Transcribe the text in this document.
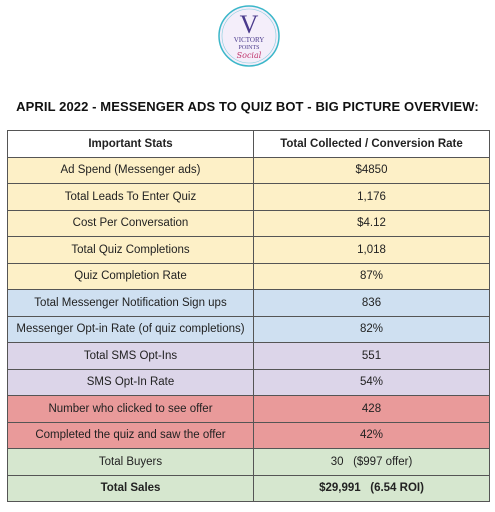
V
VICTORY
POINTS
Social
APRIL 2022 - MESSENGER ADS TO QUIZ BOT - BIG PICTURE OVERVIEW:
Important Stats	Total Collected / Conversion Rate
Ad Spend (Messenger ads)	$4850
Total Leads To Enter Quiz	1,176
Cost Per Conversation	$4.12
Total Quiz Completions	1,018
Quiz Completion Rate	87%
Total Messenger Notification Sign ups	836
Messenger Opt-in Rate (of quiz completions)	82%
Total SMS Opt-Ins	551
SMS Opt-In Rate	54%
Number who clicked to see offer	428
Completed the quiz and saw the offer	42%
Total Buyers	30   ($997 offer)
Total Sales	$29,991   (6.54 ROI)
